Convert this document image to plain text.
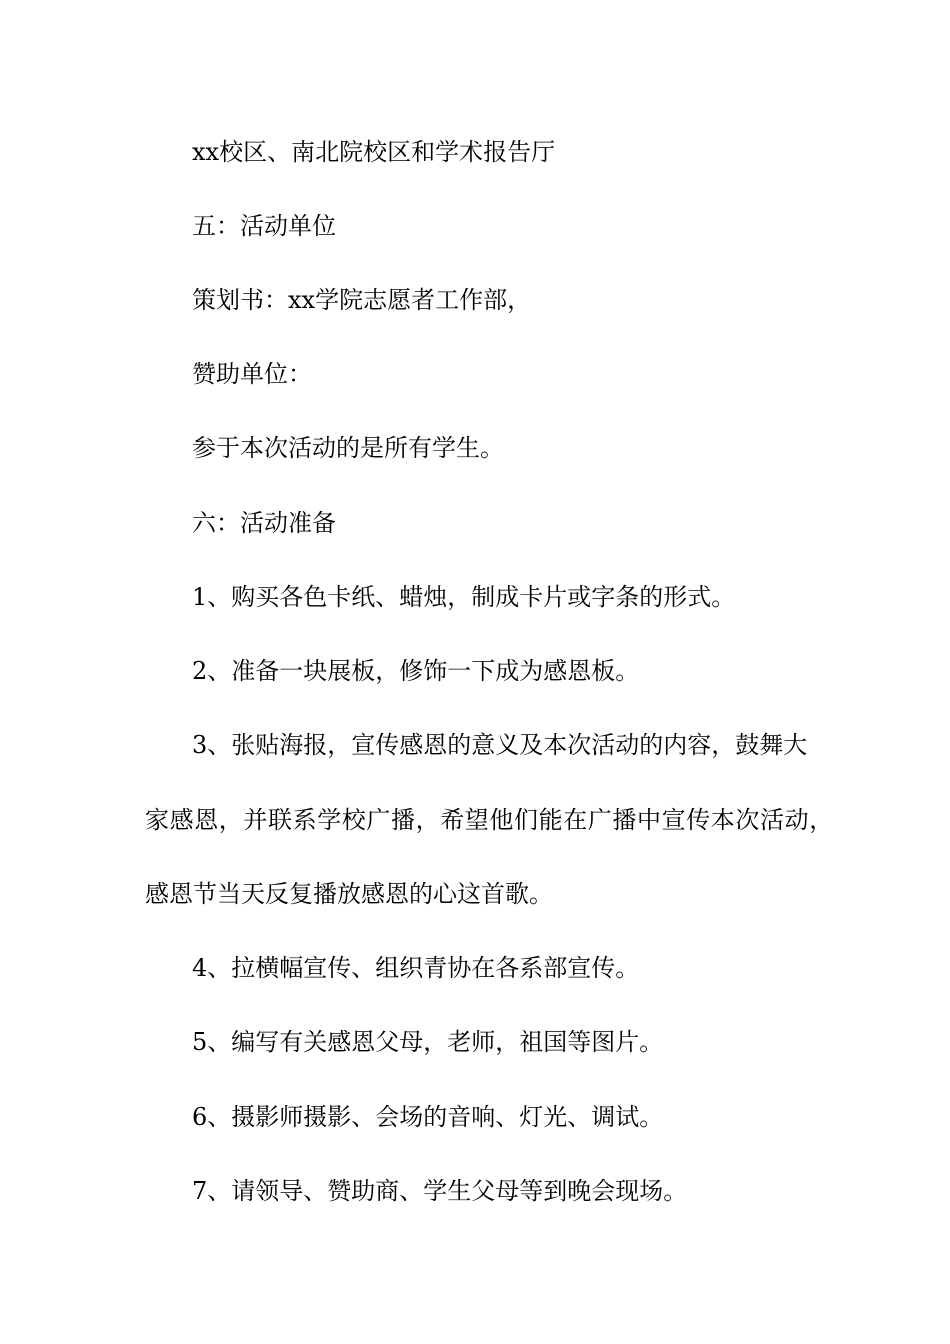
xx校区、南北院校区和学术报告厅

五：活动单位

策划书：xx学院志愿者工作部，

赞助单位：

参于本次活动的是所有学生。

六：活动准备

1、购买各色卡纸、蜡烛，制成卡片或字条的形式。

2、准备一块展板，修饰一下成为感恩板。

3、张贴海报，宣传感恩的意义及本次活动的内容，鼓舞大

家感恩，并联系学校广播，希望他们能在广播中宣传本次活动，

感恩节当天反复播放感恩的心这首歌。

4、拉横幅宣传、组织青协在各系部宣传。

5、编写有关感恩父母，老师，祖国等图片。

6、摄影师摄影、会场的音响、灯光、调试。

7、请领导、赞助商、学生父母等到晚会现场。
